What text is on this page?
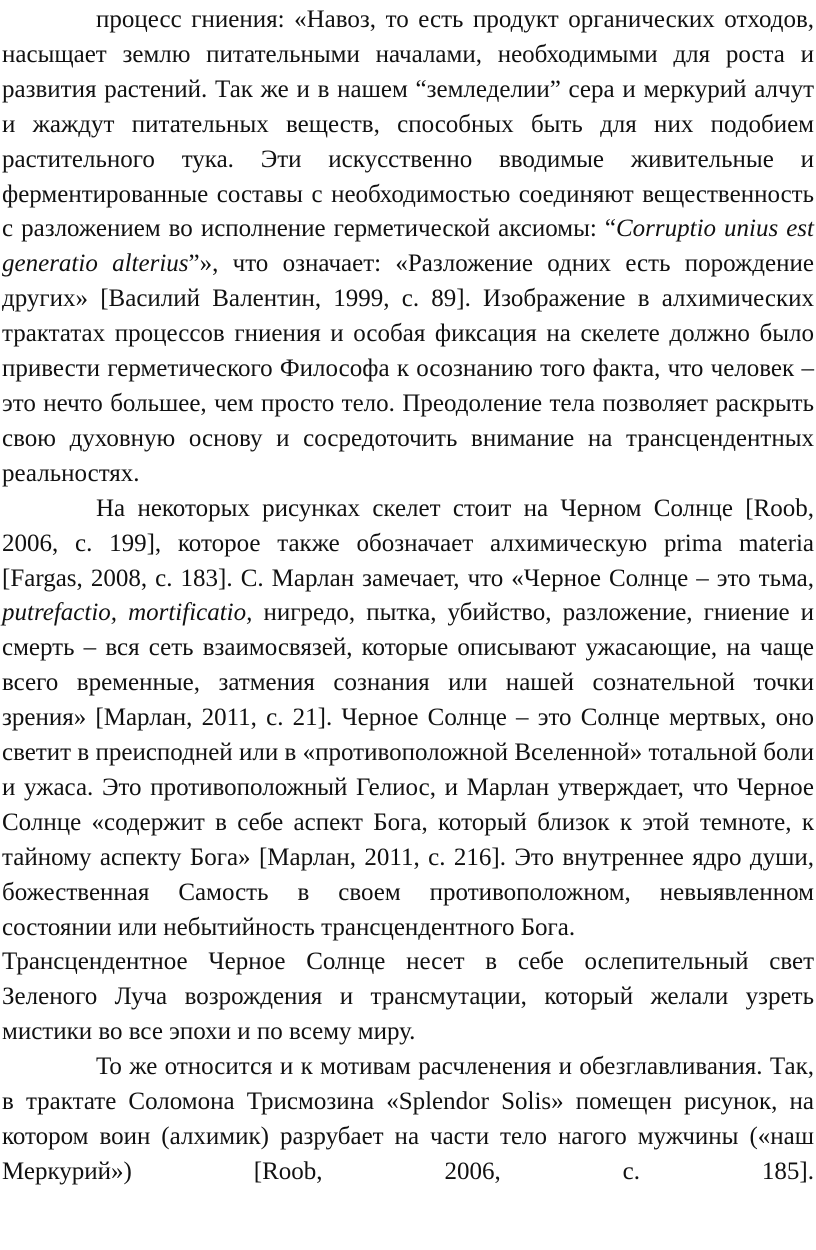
процесс гниения: «Навоз, то есть продукт органических отходов, насыщает землю питательными началами, необходимыми для роста и развития растений. Так же и в нашем “земледелии” сера и меркурий алчут и жаждут питательных веществ, способных быть для них подобием растительного тука. Эти искусственно вводимые живительные и ферментированные составы с необходимостью соединяют вещественность с разложением во исполнение герметической аксиомы: “Corruptio unius est generatio alterius”», что означает: «Разложение одних есть порождение других» [Василий Валентин, 1999, с. 89]. Изображение в алхимических трактатах процессов гниения и особая фиксация на скелете должно было привести герметического Философа к осознанию того факта, что человек – это нечто большее, чем просто тело. Преодоление тела позволяет раскрыть свою духовную основу и сосредоточить внимание на трансцендентных реальностях.

На некоторых рисунках скелет стоит на Черном Солнце [Roob, 2006, с. 199], которое также обозначает алхимическую prima materia [Fargas, 2008, с. 183]. С. Марлан замечает, что «Черное Солнце – это тьма, putrefactio, mortificatio, нигредо, пытка, убийство, разложение, гниение и смерть – вся сеть взаимосвязей, которые описывают ужасающие, на чаще всего временные, затмения сознания или нашей сознательной точки зрения» [Марлан, 2011, с. 21]. Черное Солнце – это Солнце мертвых, оно светит в преисподней или в «противоположной Вселенной» тотальной боли и ужаса. Это противоположный Гелиос, и Марлан утверждает, что Черное Солнце «содержит в себе аспект Бога, который близок к этой темноте, к тайному аспекту Бога» [Марлан, 2011, с. 216]. Это внутреннее ядро души, божественная Самость в своем противоположном, невыявленном состоянии или небытийность трансцендентного Бога.

Трансцендентное Черное Солнце несет в себе ослепительный свет Зеленого Луча возрождения и трансмутации, который желали узреть мистики во все эпохи и по всему миру.

То же относится и к мотивам расчленения и обезглавливания. Так, в трактате Соломона Трисмозина «Splendor Solis» помещен рисунок, на котором воин (алхимик) разрубает на части тело нагого мужчины («наш Меркурий») [Roob, 2006, с. 185].
